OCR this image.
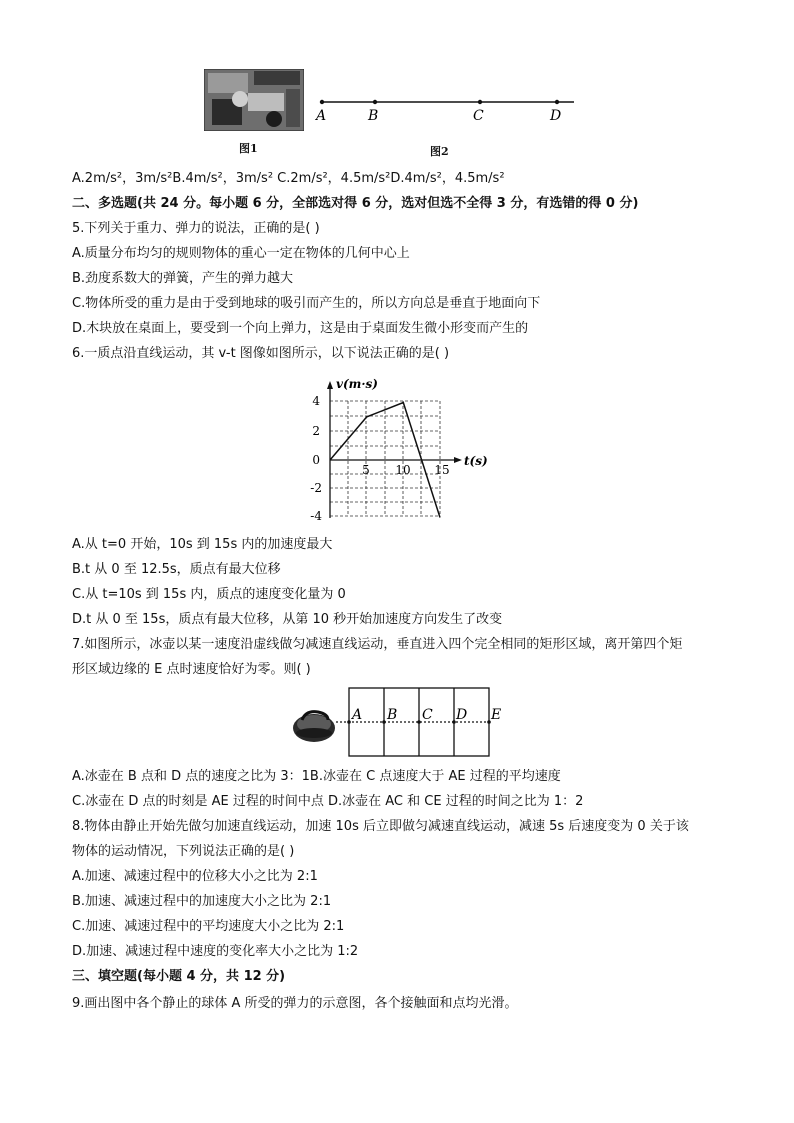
图1
A	B	C	D
图2
A.2m/s²，3m/s²B.4m/s²，3m/s² C.2m/s²，4.5m/s²D.4m/s²，4.5m/s²
二、多选题(共 24 分。每小题 6 分，全部选对得 6 分，选对但选不全得 3 分，有选错的得 0 分)
5.下列关于重力、弹力的说法，正确的是( )
A.质量分布均匀的规则物体的重心一定在物体的几何中心上
B.劲度系数大的弹簧，产生的弹力越大
C.物体所受的重力是由于受到地球的吸引而产生的，所以方向总是垂直于地面向下
D.木块放在桌面上，要受到一个向上弹力，这是由于桌面发生微小形变而产生的
6.一质点沿直线运动，其 v-t 图像如图所示，以下说法正确的是( )
v(m·s)
t(s)
4
2
0
-2
-4
5 10 15
A.从 t=0 开始，10s 到 15s 内的加速度最大
B.t 从 0 至 12.5s，质点有最大位移
C.从 t=10s 到 15s 内，质点的速度变化量为 0
D.t 从 0 至 15s，质点有最大位移，从第 10 秒开始加速度方向发生了改变
7.如图所示，冰壶以某一速度沿虚线做匀减速直线运动，垂直进入四个完全相同的矩形区域，离开第四个矩
形区域边缘的 E 点时速度恰好为零。则( )
A B C D E
A.冰壶在 B 点和 D 点的速度之比为 3：1B.冰壶在 C 点速度大于 AE 过程的平均速度
C.冰壶在 D 点的时刻是 AE 过程的时间中点 D.冰壶在 AC 和 CE 过程的时间之比为 1：2
8.物体由静止开始先做匀加速直线运动，加速 10s 后立即做匀减速直线运动，减速 5s 后速度变为 0 关于该
物体的运动情况，下列说法正确的是( )
A.加速、减速过程中的位移大小之比为 2:1
B.加速、减速过程中的加速度大小之比为 2:1
C.加速、减速过程中的平均速度大小之比为 2:1
D.加速、减速过程中速度的变化率大小之比为 1:2
三、填空题(每小题 4 分，共 12 分)
9.画出图中各个静止的球体 A 所受的弹力的示意图，各个接触面和点均光滑。
